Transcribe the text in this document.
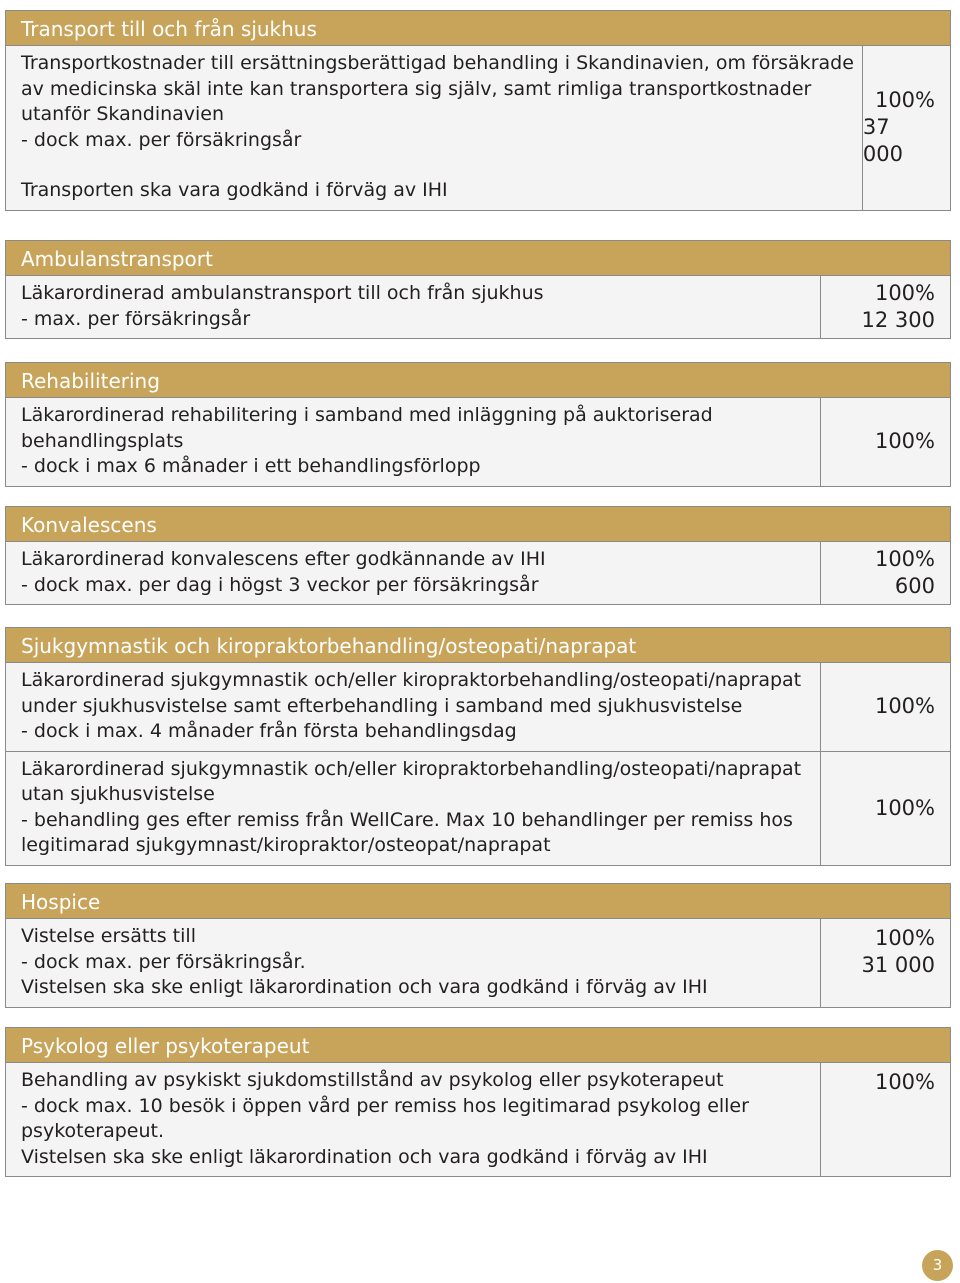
Transport till och från sjukhus
Transportkostnader till ersättningsberättigad behandling i Skandinavien, om försäkrade
av medicinska skäl inte kan transportera sig själv, samt rimliga transportkostnader
utanför Skandinavien
- dock max. per försäkringsår
Transporten ska vara godkänd i förväg av IHI
100%
37 000
Ambulanstransport
Läkarordinerad ambulanstransport till och från sjukhus
- max. per försäkringsår
100%
12 300
Rehabilitering
Läkarordinerad rehabilitering i samband med inläggning på auktoriserad
behandlingsplats
- dock i max 6 månader i ett behandlingsförlopp
100%
Konvalescens
Läkarordinerad konvalescens efter godkännande av IHI
- dock max. per dag i högst 3 veckor per försäkringsår
100%
600
Sjukgymnastik och kiropraktorbehandling/osteopati/naprapat
Läkarordinerad sjukgymnastik och/eller kiropraktorbehandling/osteopati/naprapat
under sjukhusvistelse samt efterbehandling i samband med sjukhusvistelse
- dock i max. 4 månader från första behandlingsdag
100%
Läkarordinerad sjukgymnastik och/eller kiropraktorbehandling/osteopati/naprapat
utan sjukhusvistelse
- behandling ges efter remiss från WellCare. Max 10 behandlinger per remiss hos
legitimarad sjukgymnast/kiropraktor/osteopat/naprapat
100%
Hospice
Vistelse ersätts till
- dock max. per försäkringsår.
Vistelsen ska ske enligt läkarordination och vara godkänd i förväg av IHI
100%
31 000
Psykolog eller psykoterapeut
Behandling av psykiskt sjukdomstillstånd av psykolog eller psykoterapeut
- dock max. 10 besök i öppen vård per remiss hos legitimarad psykolog eller
psykoterapeut.
Vistelsen ska ske enligt läkarordination och vara godkänd i förväg av IHI
100%
3
